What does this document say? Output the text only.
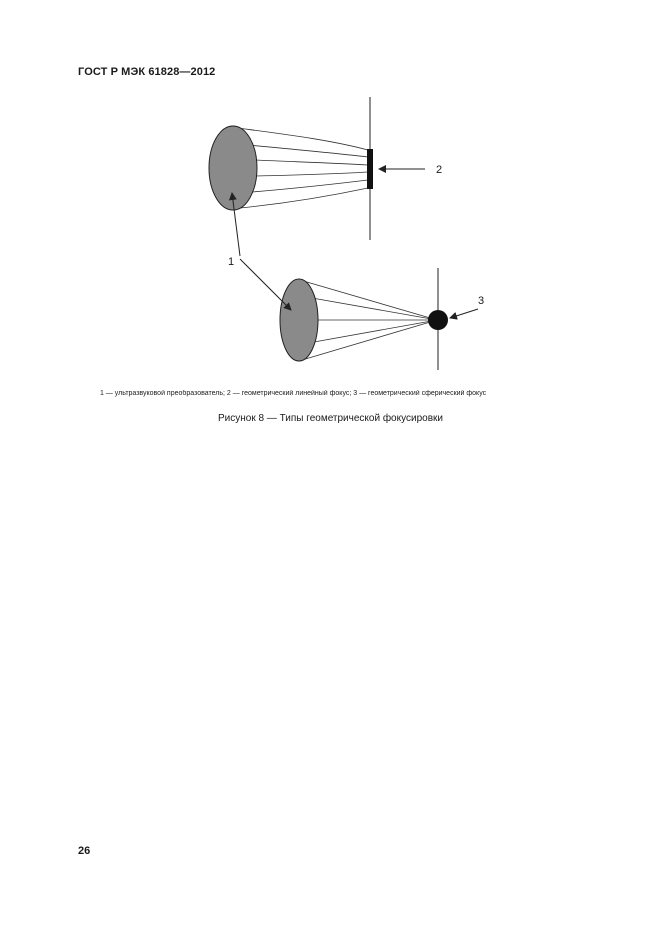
ГОСТ Р МЭК 61828—2012
2
3
1
1 — ультразвуковой преобразователь; 2 — геометрический линейный фокус; 3 — геометрический сферический фокус
Рисунок 8 — Типы геометрической фокусировки
26
